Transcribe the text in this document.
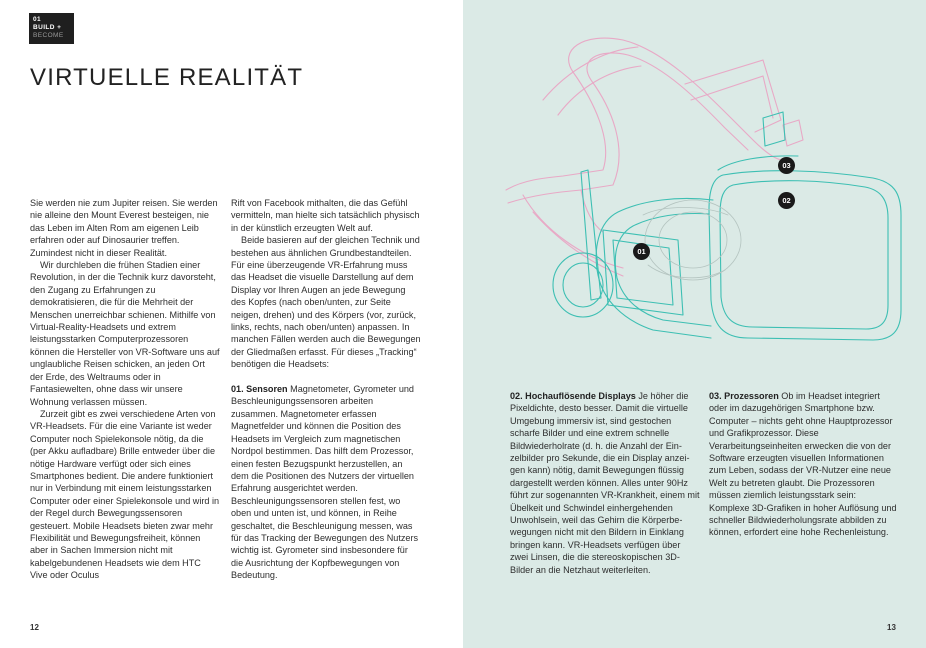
01
02
03
01
BUILD +
BECOME
VIRTUELLE REALITÄT

Sie werden nie zum Jupiter reisen. Sie werden nie alleine den Mount Everest besteigen, nie das Leben im Alten Rom am eigenen Leib erfahren oder auf Dinosaurier treffen. Zumindest nicht in dieser Realität.

Wir durchleben die frühen Stadien einer Revolution, in der die Technik kurz davorsteht, den Zugang zu Erfahrungen zu demokratisieren, die für die Mehrheit der Menschen unerreichbar schienen. Mithilfe von Virtual-Reality-Headsets und extrem leistungsstarken Computerprozessoren können die Hersteller von VR-Software uns auf unglaubliche Reisen schicken, an jeden Ort der Erde, des Weltraums oder in Fantasiewelten, ohne dass wir unsere Wohnung verlassen müssen.

Zurzeit gibt es zwei verschiedene Arten von VR-Headsets. Für die eine Variante ist weder Computer noch Spielekonsole nötig, da die (per Akku aufladbare) Brille entweder über die nötige Hardware verfügt oder sich eines Smartphones bedient. Die andere funktioniert nur in Verbindung mit einem leistungsstarken Computer oder einer Spielekonsole und wird in der Regel durch Bewegungssensoren gesteuert. Mobile Headsets bieten zwar mehr Flexibilität und Bewegungsfreiheit, können aber in Sachen Immersion nicht mit kabelgebundenen Headsets wie dem HTC Vive oder Oculus

Rift von Facebook mithalten, die das Gefühl vermitteln, man hielte sich tatsächlich physisch in der künstlich erzeugten Welt auf.

Beide basieren auf der gleichen Technik und bestehen aus ähnlichen Grundbestandteilen. Für eine überzeugende VR-Erfahrung muss das Headset die visuelle Darstellung auf dem Display vor Ihren Augen an jede Bewegung des Kopfes (nach oben/unten, zur Seite neigen, drehen) und des Körpers (vor, zurück, links, rechts, nach oben/unten) anpassen. In manchen Fällen werden auch die Bewegungen der Gliedmaßen erfasst. Für dieses „Tracking“ benötigen die Headsets:

01. Sensoren Magnetometer, Gyrometer und Beschleunigungssensoren arbeiten zusammen. Magnetometer erfassen Magnetfelder und können die Position des Headsets im Vergleich zum magnetischen Nordpol bestimmen. Das hilft dem Prozessor, einen festen Bezugspunkt herzustellen, an dem die Positionen des Nutzers der virtuellen Erfahrung ausgerichtet werden. Beschleunigungssensoren stellen fest, wo oben und unten ist, und können, in Reihe geschaltet, die Beschleunigung messen, was für das Tracking der Bewegungen des Nutzers wichtig ist. Gyrometer sind insbesondere für die Ausrichtung der Kopfbewegungen von Bedeutung.

02. Hochauflösende Displays Je höher die Pixeldichte, desto besser. Damit die virtuelle Umgebung immersiv ist, sind gestochen scharfe Bilder und eine extrem schnelle Bildwiederholrate (d. h. die Anzahl der Einzelbilder pro Sekunde, die ein Display anzeigen kann) nötig, damit Bewegungen flüssig dargestellt werden können. Alles unter 90Hz führt zur sogenannten VR-Krankheit, einem mit Übelkeit und Schwindel einhergehenden Unwohlsein, weil das Gehirn die Körperbewegungen nicht mit den Bildern in Einklang bringen kann. VR-Headsets verfügen über zwei Linsen, die die stereoskopischen 3D-Bilder an die Netzhaut weiterleiten.

03. Prozessoren Ob im Headset integriert oder im dazugehörigen Smartphone bzw. Computer – nichts geht ohne Hauptprozessor und Grafikprozessor. Diese Verarbeitungseinheiten erwecken die von der Software erzeugten visuellen Informationen zum Leben, sodass der VR-Nutzer eine neue Welt zu betreten glaubt. Die Prozessoren müssen ziemlich leistungsstark sein: Komplexe 3D-Grafiken in hoher Auflösung und schneller Bildwiederholungsrate abbilden zu können, erfordert eine hohe Rechenleistung.

12	13
